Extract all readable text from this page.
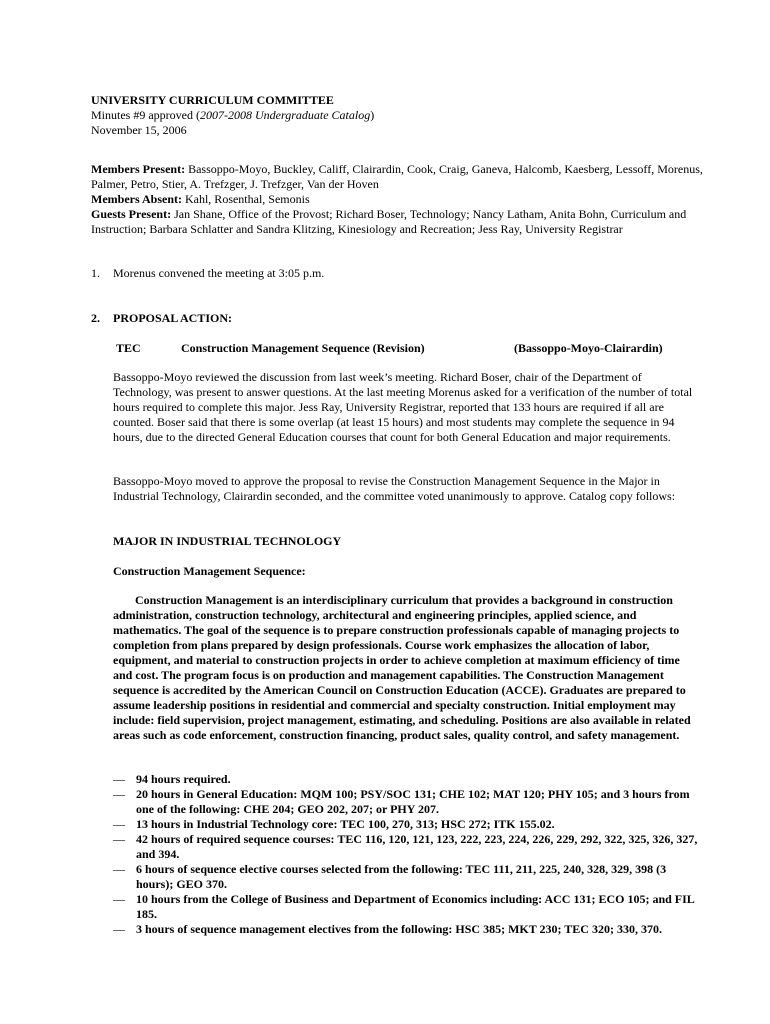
UNIVERSITY CURRICULUM COMMITTEE

Minutes #9 approved (2007-2008 Undergraduate Catalog)

November 15, 2006

Members Present: Bassoppo-Moyo, Buckley, Califf, Clairardin, Cook, Craig, Ganeva, Halcomb, Kaesberg, Lessoff, Morenus, Palmer, Petro, Stier, A. Trefzger, J. Trefzger, Van der Hoven

Members Absent: Kahl, Rosenthal, Semonis

Guests Present: Jan Shane, Office of the Provost; Richard Boser, Technology; Nancy Latham, Anita Bohn, Curriculum and Instruction; Barbara Schlatter and Sandra Klitzing, Kinesiology and Recreation; Jess Ray, University Registrar

1. Morenus convened the meeting at 3:05 p.m.
2. PROPOSAL ACTION:
TEC	Construction Management Sequence (Revision)	(Bassoppo-Moyo-Clairardin)

Bassoppo-Moyo reviewed the discussion from last week’s meeting. Richard Boser, chair of the Department of Technology, was present to answer questions. At the last meeting Morenus asked for a verification of the number of total hours required to complete this major. Jess Ray, University Registrar, reported that 133 hours are required if all are counted. Boser said that there is some overlap (at least 15 hours) and most students may complete the sequence in 94 hours, due to the directed General Education courses that count for both General Education and major requirements.

Bassoppo-Moyo moved to approve the proposal to revise the Construction Management Sequence in the Major in Industrial Technology, Clairardin seconded, and the committee voted unanimously to approve. Catalog copy follows:

MAJOR IN INDUSTRIAL TECHNOLOGY
Construction Management Sequence:
Construction Management is an interdisciplinary curriculum that provides a background in construction administration, construction technology, architectural and engineering principles, applied science, and mathematics. The goal of the sequence is to prepare construction professionals capable of managing projects to completion from plans prepared by design professionals. Course work emphasizes the allocation of labor, equipment, and material to construction projects in order to achieve completion at maximum efficiency of time and cost. The program focus is on production and management capabilities. The Construction Management sequence is accredited by the American Council on Construction Education (ACCE). Graduates are prepared to assume leadership positions in residential and commercial and specialty construction. Initial employment may include: field supervision, project management, estimating, and scheduling. Positions are also available in related areas such as code enforcement, construction financing, product sales, quality control, and safety management.
— 94 hours required.
— 20 hours in General Education: MQM 100; PSY/SOC 131; CHE 102; MAT 120; PHY 105; and 3 hours from one of the following: CHE 204; GEO 202, 207; or PHY 207.
— 13 hours in Industrial Technology core: TEC 100, 270, 313; HSC 272; ITK 155.02.
— 42 hours of required sequence courses: TEC 116, 120, 121, 123, 222, 223, 224, 226, 229, 292, 322, 325, 326, 327, and 394.
— 6 hours of sequence elective courses selected from the following: TEC 111, 211, 225, 240, 328, 329, 398 (3 hours); GEO 370.
— 10 hours from the College of Business and Department of Economics including: ACC 131; ECO 105; and FIL 185.
— 3 hours of sequence management electives from the following: HSC 385; MKT 230; TEC 320; 330, 370.
